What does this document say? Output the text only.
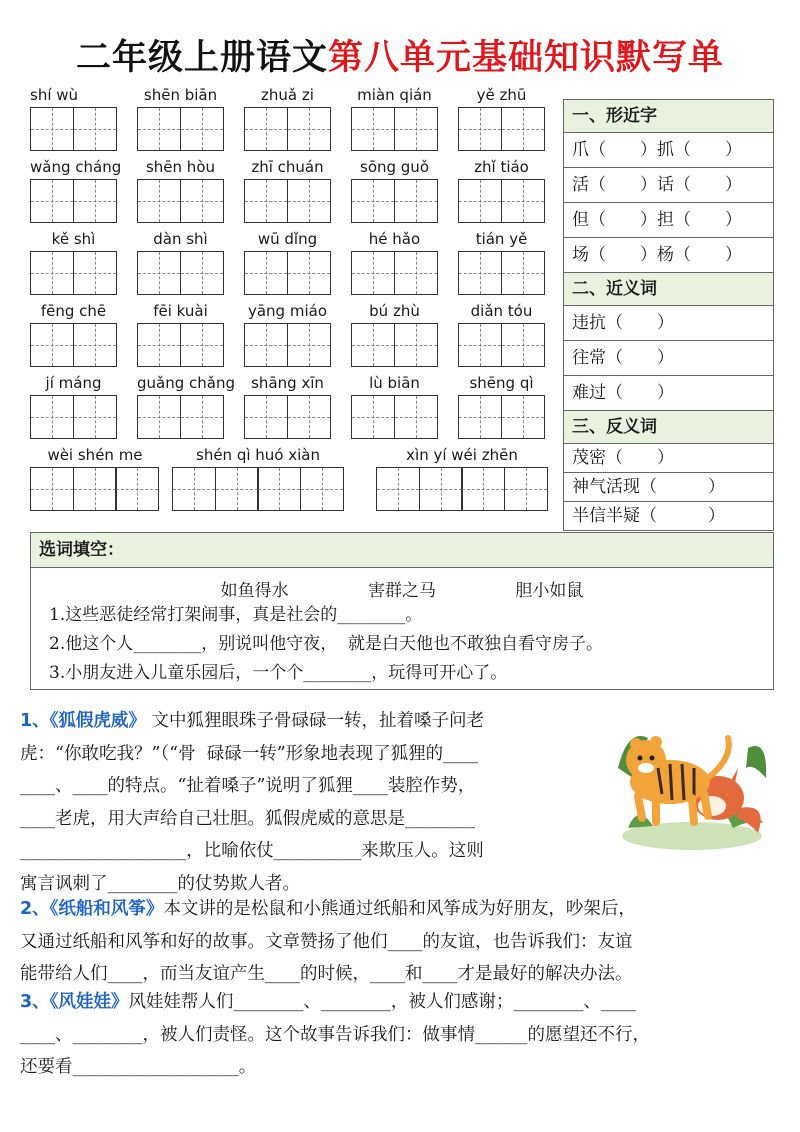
二年级上册语文第八单元基础知识默写单
shí wù	shēn biān	zhuǎ zi	miàn qián	yě zhū
wǎng cháng	shēn hòu	zhī chuán	sōng guǒ	zhǐ tiáo
kě shì	dàn shì	wū dǐng	hé hǎo	tián yě
fēng chē	fēi kuài	yāng miáo	bú zhù	diǎn tóu
jí máng	guǎng chǎng	shāng xīn	lù biān	shēng qì
wèi shén me	shén qì huó xiàn	xìn yí wéi zhēn
一、形近字
爪（　　）抓（　　）
活（　　）话（　　）
但（　　）担（　　）
场（　　）杨（　　）
二、近义词
违抗（　　）
往常（　　）
难过（　　）
三、反义词
茂密（　　）
神气活现（　　　）
半信半疑（　　　）
选词填空：
如鱼得水	害群之马	胆小如鼠
1.这些恶徒经常打架闹事，真是社会的________。
2.他这个人________，别说叫他守夜，  就是白天他也不敢独自看守房子。
3.小朋友进入儿童乐园后，一个个________，玩得可开心了。
1、《狐假虎威》 文中狐狸眼珠子骨碌碌一转，扯着嗓子问老
虎：“你敢吃我？”（“骨  碌碌一转”形象地表现了狐狸的____
____、____的特点。“扯着嗓子”说明了狐狸____装腔作势，
____老虎，用大声给自己壮胆。狐假虎威的意思是________
___________________，比喻依仗__________来欺压人。这则
寓言讽刺了________的仗势欺人者。
2、《纸船和风筝》本文讲的是松鼠和小熊通过纸船和风筝成为好朋友，吵架后，
又通过纸船和风筝和好的故事。文章赞扬了他们____的友谊，也告诉我们：友谊
能带给人们____，而当友谊产生____的时候，____和____才是最好的解决办法。
3、《风娃娃》风娃娃帮人们________、________，被人们感谢；________、____
____、________，被人们责怪。这个故事告诉我们：做事情______的愿望还不行，
还要看___________________。
